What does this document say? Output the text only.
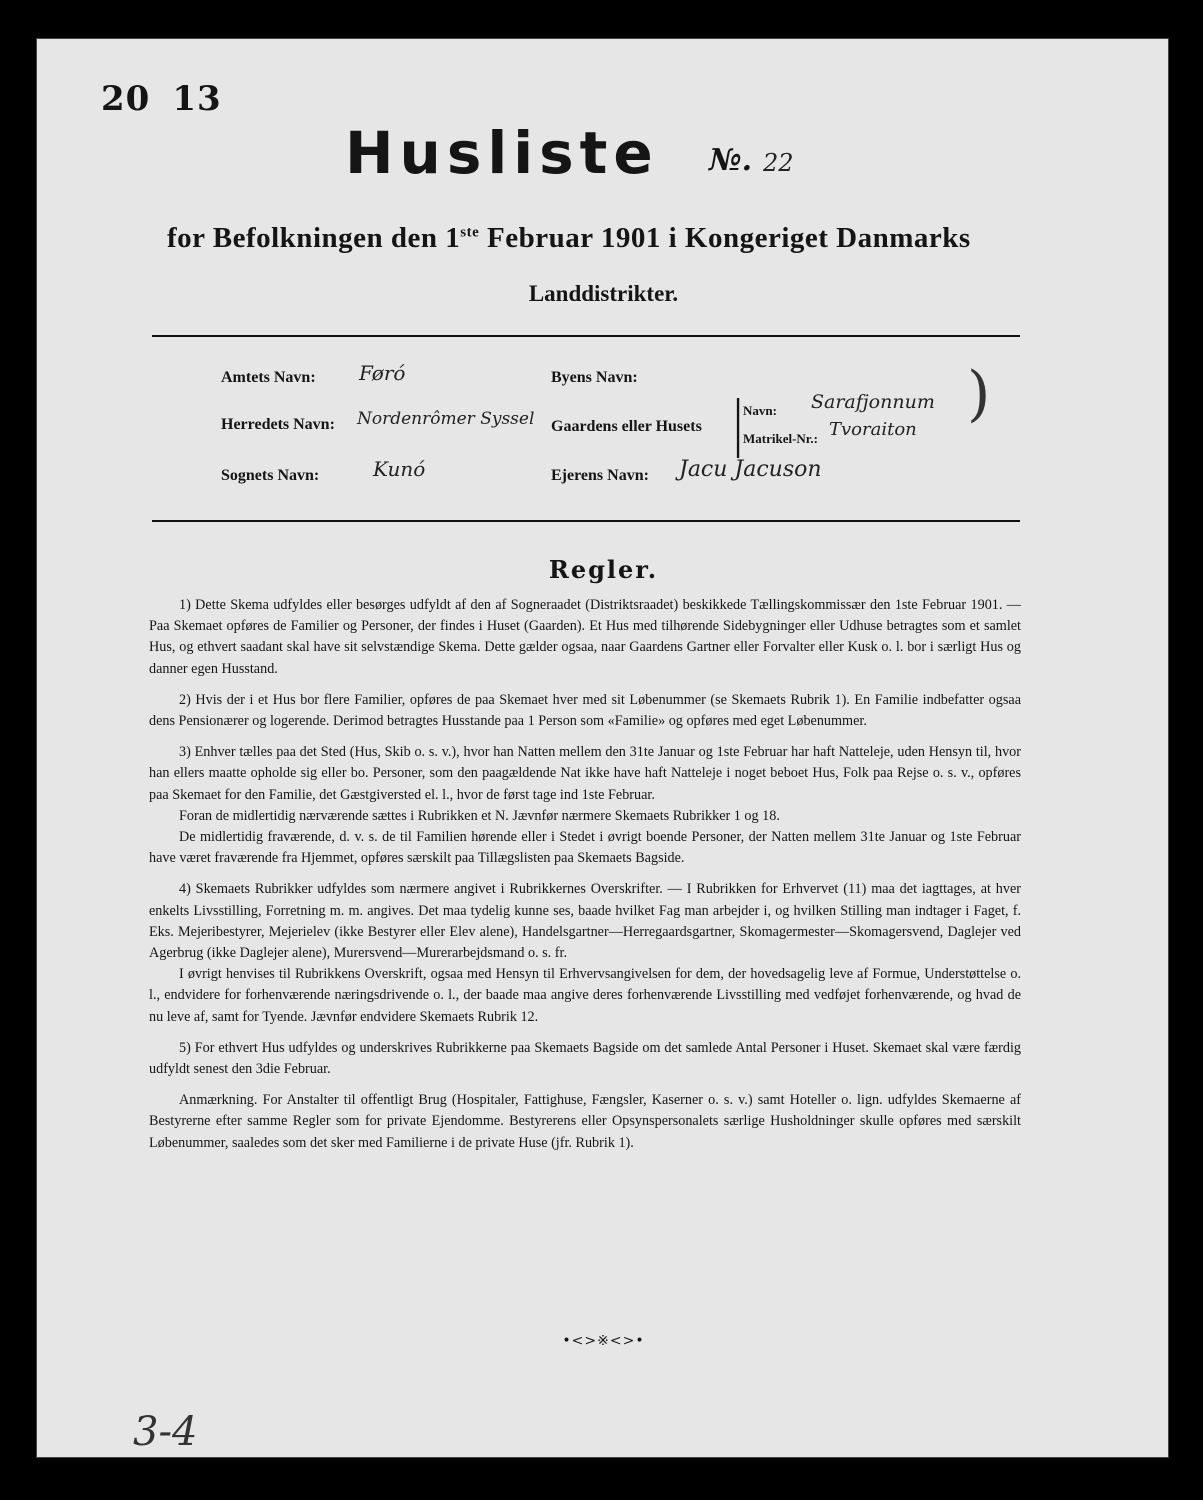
20 13
Husliste №. 22
for Befolkningen den 1ste Februar 1901 i Kongeriget Danmarks
Landdistrikter.
Amtets Navn: Føró	Byens Navn:
Herredets Navn: Nordenrômer Syssel Gaardens eller Husets |
|
Navn: Sarafjonnum
Matrikel-Nr.: Tvoraiton
)
Sognets Navn:	Kunó	Ejerens Navn: Jacu Jacuson
Regler.

1) Dette Skema udfyldes eller besørges udfyldt af den af Sogneraadet (Distriktsraadet) beskikkede Tællingskommissær den 1ste Februar 1901. — Paa Skemaet opføres de Familier og Personer, der findes i Huset (Gaarden). Et Hus med tilhørende Sidebygninger eller Udhuse betragtes som et samlet Hus, og ethvert saadant skal have sit selvstændige Skema. Dette gælder ogsaa, naar Gaardens Gartner eller Forvalter eller Kusk o. l. bor i særligt Hus og danner egen Husstand.

2) Hvis der i et Hus bor flere Familier, opføres de paa Skemaet hver med sit Løbenummer (se Skemaets Rubrik 1). En Familie indbefatter ogsaa dens Pensionærer og logerende. Derimod betragtes Husstande paa 1 Person som «Familie» og opføres med eget Løbenummer.

3) Enhver tælles paa det Sted (Hus, Skib o. s. v.), hvor han Natten mellem den 31te Januar og 1ste Februar har haft Natteleje, uden Hensyn til, hvor han ellers maatte opholde sig eller bo. Personer, som den paagældende Nat ikke have haft Natteleje i noget beboet Hus, Folk paa Rejse o. s. v., opføres paa Skemaet for den Familie, det Gæstgiversted el. l., hvor de først tage ind 1ste Februar.

Foran de midlertidig nærværende sættes i Rubrikken et N. Jævnfør nærmere Skemaets Rubrikker 1 og 18.

De midlertidig fraværende, d. v. s. de til Familien hørende eller i Stedet i øvrigt boende Personer, der Natten mellem 31te Januar og 1ste Februar have været fraværende fra Hjemmet, opføres særskilt paa Tillægslisten paa Skemaets Bagside.

4) Skemaets Rubrikker udfyldes som nærmere angivet i Rubrikkernes Overskrifter. — I Rubrikken for Erhvervet (11) maa det iagttages, at hver enkelts Livsstilling, Forretning m. m. angives. Det maa tydelig kunne ses, baade hvilket Fag man arbejder i, og hvilken Stilling man indtager i Faget, f. Eks. Mejeribestyrer, Mejerielev (ikke Bestyrer eller Elev alene), Handelsgartner—Herregaardsgartner, Skomagermester—Skomagersvend, Daglejer ved Agerbrug (ikke Daglejer alene), Murersvend—Murerarbejdsmand o. s. fr.

I øvrigt henvises til Rubrikkens Overskrift, ogsaa med Hensyn til Erhvervsangivelsen for dem, der hovedsagelig leve af Formue, Understøttelse o. l., endvidere for forhenværende næringsdrivende o. l., der baade maa angive deres forhenværende Livsstilling med vedføjet forhenværende, og hvad de nu leve af, samt for Tyende. Jævnfør endvidere Skemaets Rubrik 12.

5) For ethvert Hus udfyldes og underskrives Rubrikkerne paa Skemaets Bagside om det samlede Antal Personer i Huset. Skemaet skal være færdig udfyldt senest den 3die Februar.

Anmærkning. For Anstalter til offentligt Brug (Hospitaler, Fattighuse, Fængsler, Kaserner o. s. v.) samt Hoteller o. lign. udfyldes Skemaerne af Bestyrerne efter samme Regler som for private Ejendomme. Bestyrerens eller Opsynspersonalets særlige Husholdninger skulle opføres med særskilt Løbenummer, saaledes som det sker med Familierne i de private Huse (jfr. Rubrik 1).

•<>※<>•
3-4
